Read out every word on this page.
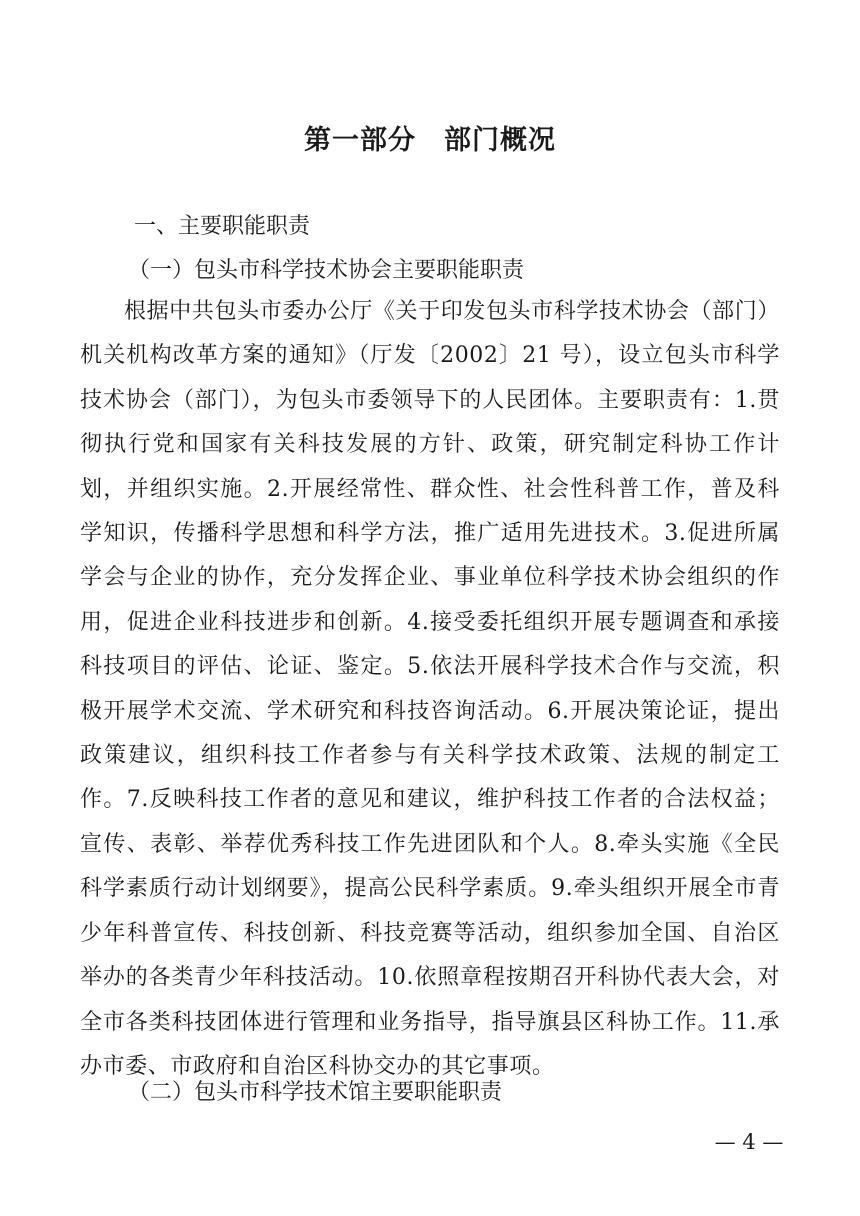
第一部分　部门概况

一、主要职能职责

（一）包头市科学技术协会主要职能职责

根据中共包头市委办公厅《关于印发包头市科学技术协会（部门）机关机构改革方案的通知》（厅发〔2002〕21 号），设立包头市科学技术协会（部门），为包头市委领导下的人民团体。主要职责有：1.贯彻执行党和国家有关科技发展的方针、政策，研究制定科协工作计划，并组织实施。2.开展经常性、群众性、社会性科普工作，普及科学知识，传播科学思想和科学方法，推广适用先进技术。3.促进所属学会与企业的协作，充分发挥企业、事业单位科学技术协会组织的作用，促进企业科技进步和创新。4.接受委托组织开展专题调查和承接科技项目的评估、论证、鉴定。5.依法开展科学技术合作与交流，积极开展学术交流、学术研究和科技咨询活动。6.开展决策论证，提出政策建议，组织科技工作者参与有关科学技术政策、法规的制定工作。7.反映科技工作者的意见和建议，维护科技工作者的合法权益；宣传、表彰、举荐优秀科技工作先进团队和个人。8.牵头实施《全民科学素质行动计划纲要》，提高公民科学素质。9.牵头组织开展全市青少年科普宣传、科技创新、科技竞赛等活动，组织参加全国、自治区举办的各类青少年科技活动。10.依照章程按期召开科协代表大会，对全市各类科技团体进行管理和业务指导，指导旗县区科协工作。11.承办市委、市政府和自治区科协交办的其它事项。

（二）包头市科学技术馆主要职能职责

— 4 —
